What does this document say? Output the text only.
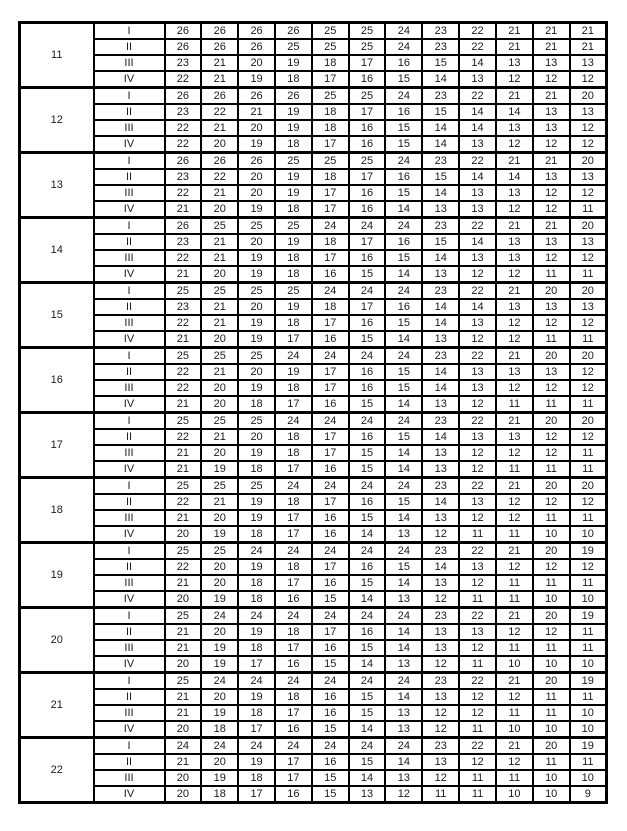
11	I	26	26	26	26	25	25	24	23	22	21	21	21
	II	26	26	26	25	25	25	24	23	22	21	21	21
	III	23	21	20	19	18	17	16	15	14	13	13	13
	IV	22	21	19	18	17	16	15	14	13	12	12	12
12	I	26	26	26	26	25	25	24	23	22	21	21	20
	II	23	22	21	19	18	17	16	15	14	14	13	13
	III	22	21	20	19	18	16	15	14	14	13	13	12
	IV	22	20	19	18	17	16	15	14	13	12	12	12
13	I	26	26	26	25	25	25	24	23	22	21	21	20
	II	23	22	20	19	18	17	16	15	14	14	13	13
	III	22	21	20	19	17	16	15	14	13	13	12	12
	IV	21	20	19	18	17	16	14	13	13	12	12	11
14	I	26	25	25	25	24	24	24	23	22	21	21	20
	II	23	21	20	19	18	17	16	15	14	13	13	13
	III	22	21	19	18	17	16	15	14	13	13	12	12
	IV	21	20	19	18	16	15	14	13	12	12	11	11
15	I	25	25	25	25	24	24	24	23	22	21	20	20
	II	23	21	20	19	18	17	16	14	14	13	13	13
	III	22	21	19	18	17	16	15	14	13	12	12	12
	IV	21	20	19	17	16	15	14	13	12	12	11	11
16	I	25	25	25	24	24	24	24	23	22	21	20	20
	II	22	21	20	19	17	16	15	14	13	13	13	12
	III	22	20	19	18	17	16	15	14	13	12	12	12
	IV	21	20	18	17	16	15	14	13	12	11	11	11
17	I	25	25	25	24	24	24	24	23	22	21	20	20
	II	22	21	20	18	17	16	15	14	13	13	12	12
	III	21	20	19	18	17	15	14	13	12	12	12	11
	IV	21	19	18	17	16	15	14	13	12	11	11	11
18	I	25	25	25	24	24	24	24	23	22	21	20	20
	II	22	21	19	18	17	16	15	14	13	12	12	12
	III	21	20	19	17	16	15	14	13	12	12	11	11
	IV	20	19	18	17	16	14	13	12	11	11	10	10
19	I	25	25	24	24	24	24	24	23	22	21	20	19
	II	22	20	19	18	17	16	15	14	13	12	12	12
	III	21	20	18	17	16	15	14	13	12	11	11	11
	IV	20	19	18	16	15	14	13	12	11	11	10	10
20	I	25	24	24	24	24	24	24	23	22	21	20	19
	II	21	20	19	18	17	16	14	13	13	12	12	11
	III	21	19	18	17	16	15	14	13	12	11	11	11
	IV	20	19	17	16	15	14	13	12	11	10	10	10
21	I	25	24	24	24	24	24	24	23	22	21	20	19
	II	21	20	19	18	16	15	14	13	12	12	11	11
	III	21	19	18	17	16	15	13	12	12	11	11	10
	IV	20	18	17	16	15	14	13	12	11	10	10	10
22	I	24	24	24	24	24	24	24	23	22	21	20	19
	II	21	20	19	17	16	15	14	13	12	12	11	11
	III	20	19	18	17	15	14	13	12	11	11	10	10
	IV	20	18	17	16	15	13	12	11	11	10	10	9
